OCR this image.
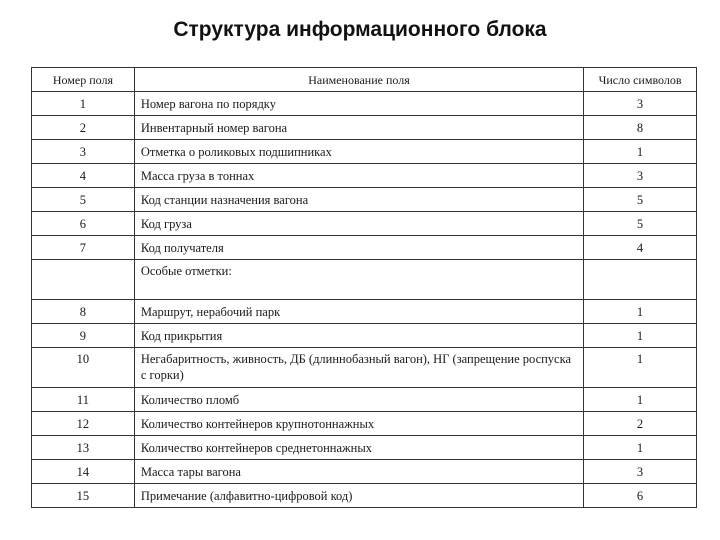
Структура информационного блока
Номер поля	Наименование поля	Число символов
1	Номер вагона по порядку	3
2	Инвентарный номер вагона	8
3	Отметка о роликовых подшипниках	1
4	Масса груза в тоннах	3
5	Код станции назначения вагона	5
6	Код груза	5
7	Код получателя	4
	Особые отметки:	
8	Маршрут, нерабочий парк	1
9	Код прикрытия	1
10	Негабаритность, живность, ДБ (длиннобазный вагон), НГ (запрещение роспуска с горки)	1
11	Количество пломб	1
12	Количество контейнеров крупнотоннажных	2
13	Количество контейнеров среднетоннажных	1
14	Масса тары вагона	3
15	Примечание (алфавитно-цифровой код)	6
